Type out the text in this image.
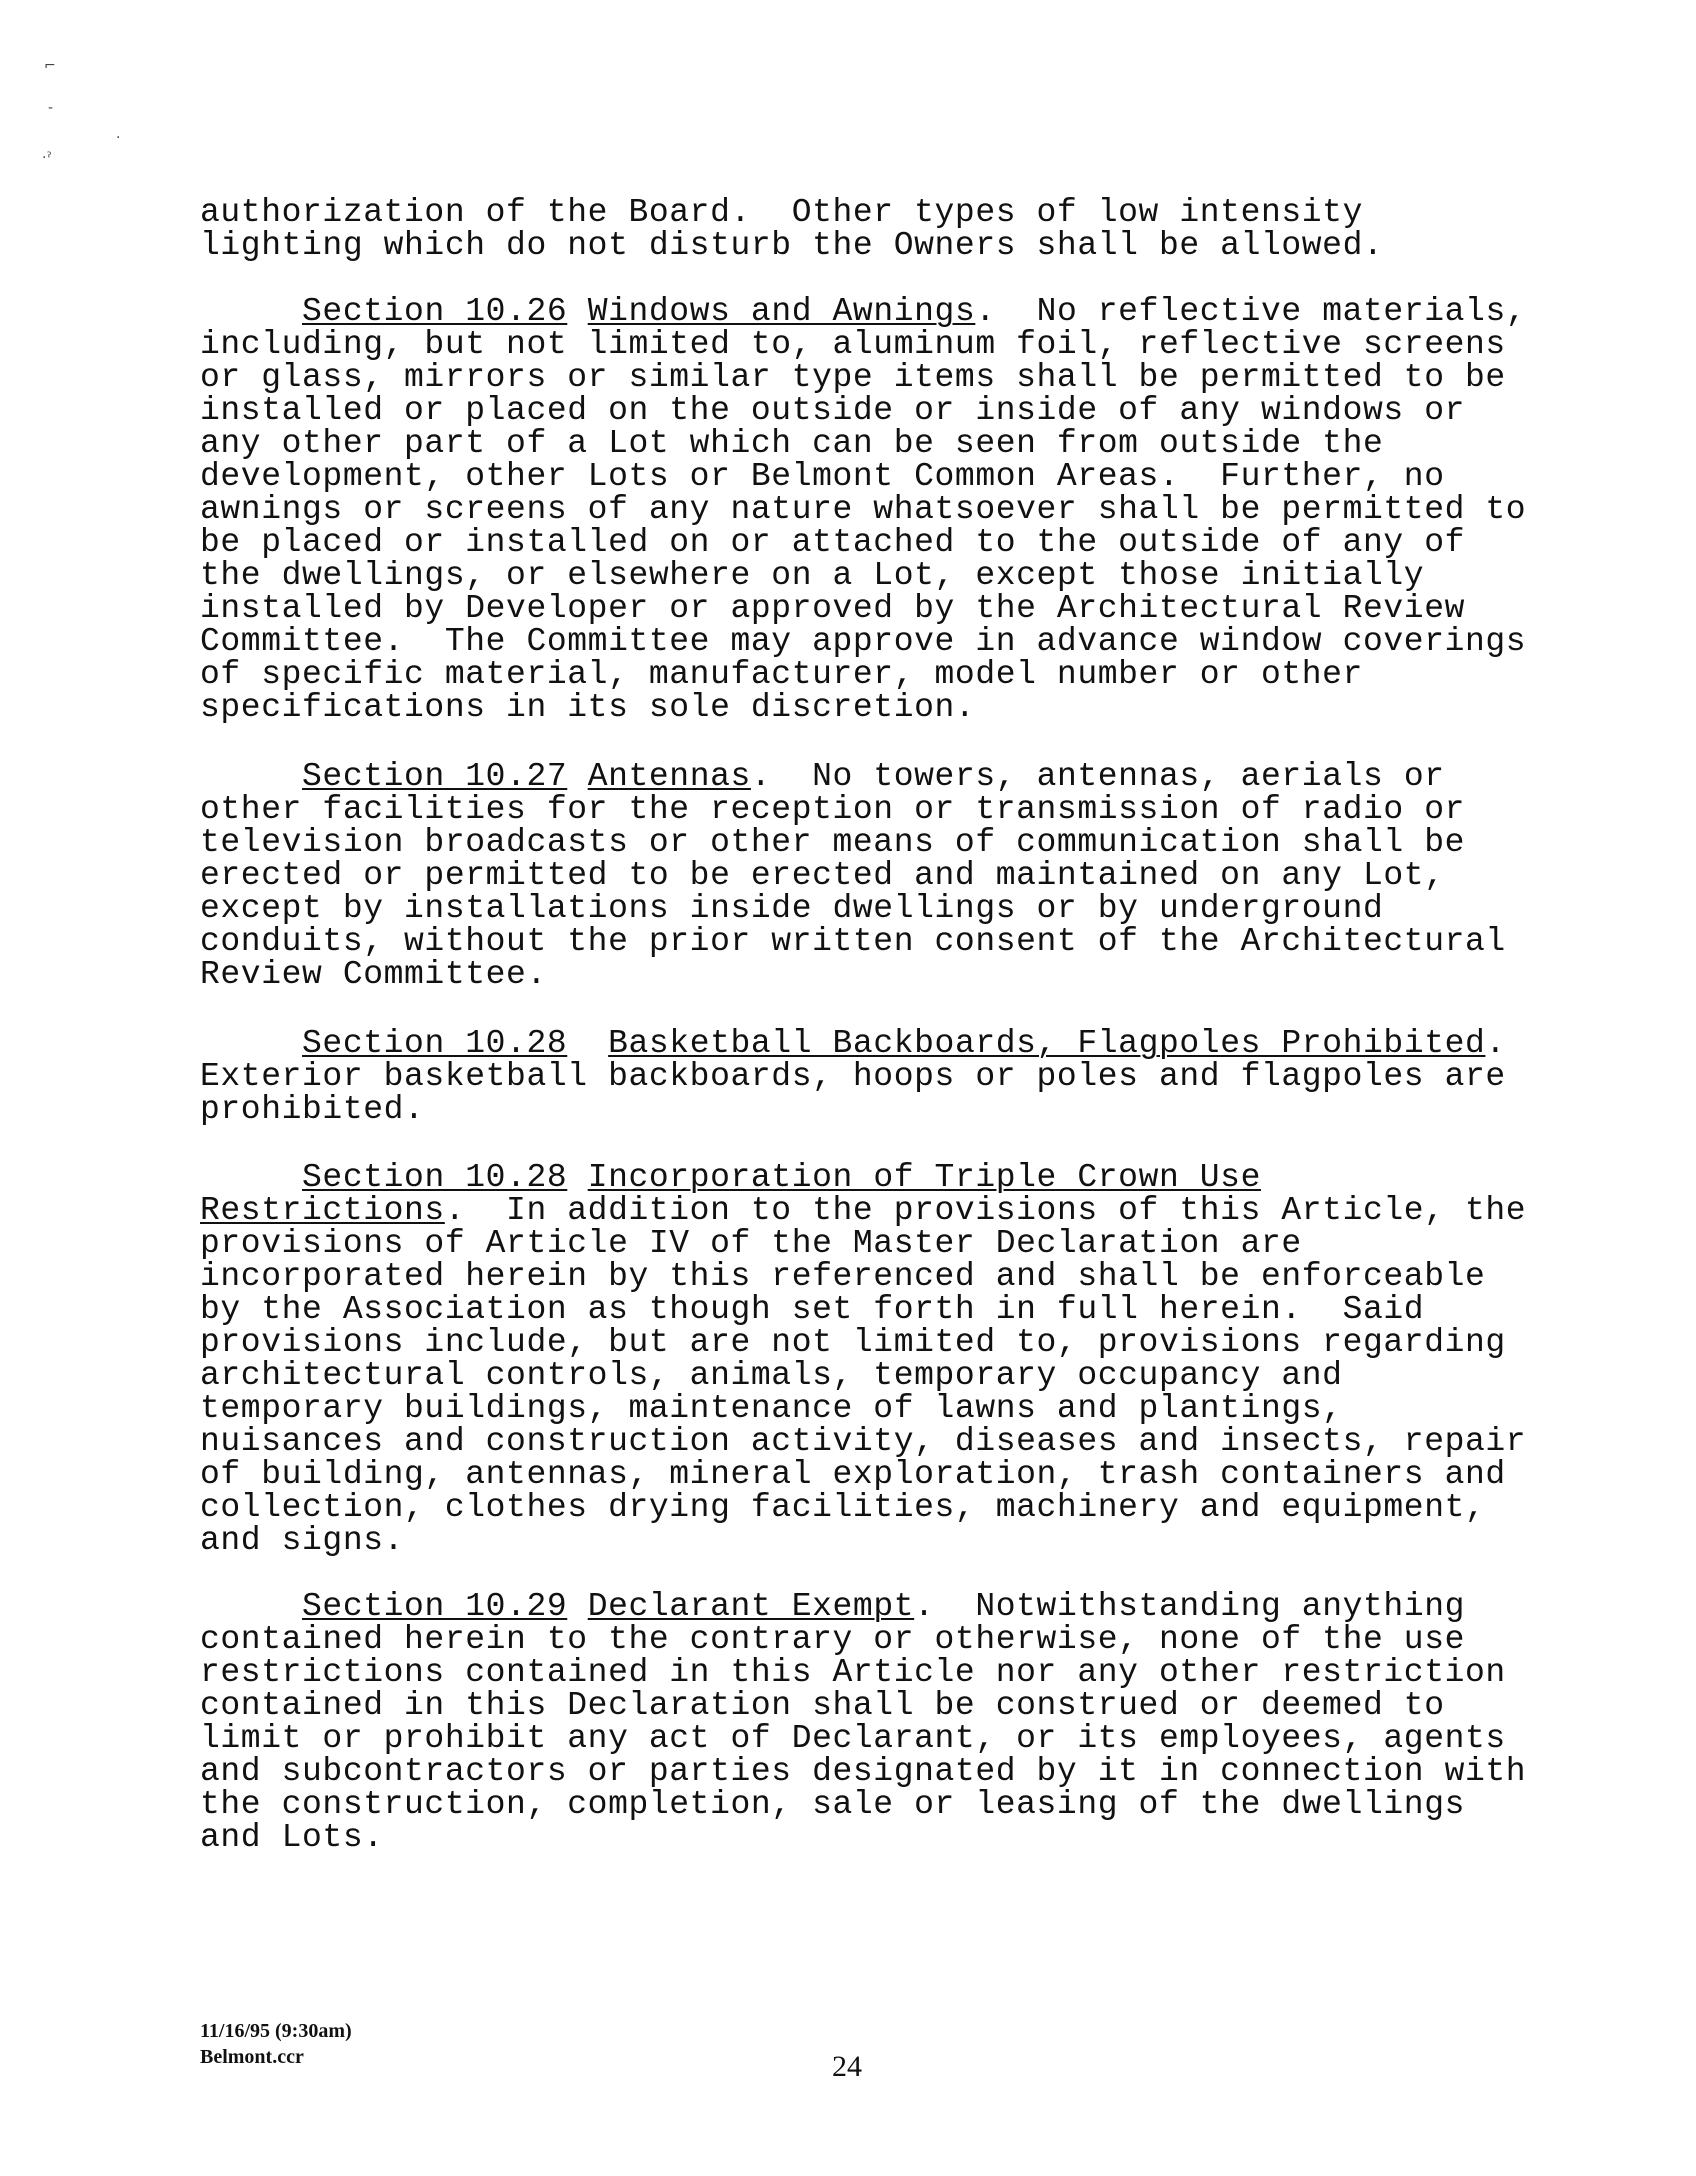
⌐
-
·
·ˀ
authorization of the Board.  Other types of low intensity
lighting which do not disturb the Owners shall be allowed.
Section 10.26 Windows and Awnings.  No reflective materials,
including, but not limited to, aluminum foil, reflective screens
or glass, mirrors or similar type items shall be permitted to be
installed or placed on the outside or inside of any windows or
any other part of a Lot which can be seen from outside the
development, other Lots or Belmont Common Areas.  Further, no
awnings or screens of any nature whatsoever shall be permitted to
be placed or installed on or attached to the outside of any of
the dwellings, or elsewhere on a Lot, except those initially
installed by Developer or approved by the Architectural Review
Committee.  The Committee may approve in advance window coverings
of specific material, manufacturer, model number or other
specifications in its sole discretion.
Section 10.27 Antennas.  No towers, antennas, aerials or
other facilities for the reception or transmission of radio or
television broadcasts or other means of communication shall be
erected or permitted to be erected and maintained on any Lot,
except by installations inside dwellings or by underground
conduits, without the prior written consent of the Architectural
Review Committee.
Section 10.28 Basketball Backboards, Flagpoles Prohibited.
Exterior basketball backboards, hoops or poles and flagpoles are
prohibited.
Section 10.28 Incorporation of Triple Crown Use
Restrictions.  In addition to the provisions of this Article, the
provisions of Article IV of the Master Declaration are
incorporated herein by this referenced and shall be enforceable
by the Association as though set forth in full herein.  Said
provisions include, but are not limited to, provisions regarding
architectural controls, animals, temporary occupancy and
temporary buildings, maintenance of lawns and plantings,
nuisances and construction activity, diseases and insects, repair
of building, antennas, mineral exploration, trash containers and
collection, clothes drying facilities, machinery and equipment,
and signs.
Section 10.29 Declarant Exempt.  Notwithstanding anything
contained herein to the contrary or otherwise, none of the use
restrictions contained in this Article nor any other restriction
contained in this Declaration shall be construed or deemed to
limit or prohibit any act of Declarant, or its employees, agents
and subcontractors or parties designated by it in connection with
the construction, completion, sale or leasing of the dwellings
and Lots.
11/16/95 (9:30am)
Belmont.ccr	24
